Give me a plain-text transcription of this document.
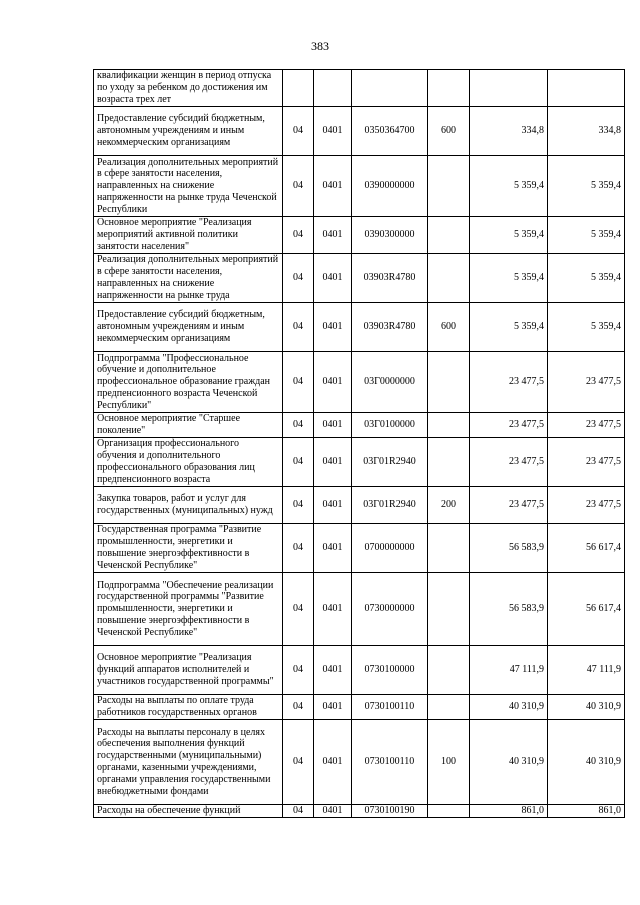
383
квалификации женщин в период отпуска по уходу за ребенком до достижения им возраста трех лет						
Предоставление субсидий бюджетным, автономным учреждениям и иным некоммерческим организациям	04	0401	0350364700	600	334,8	334,8
Реализация дополнительных мероприятий в сфере занятости населения, направленных на снижение напряженности на рынке труда Чеченской Республики	04	0401	0390000000		5 359,4	5 359,4
Основное мероприятие "Реализация мероприятий активной политики занятости населения"	04	0401	0390300000		5 359,4	5 359,4
Реализация дополнительных мероприятий в сфере занятости населения, направленных на снижение напряженности на рынке труда	04	0401	03903R4780		5 359,4	5 359,4
Предоставление субсидий бюджетным, автономным учреждениям и иным некоммерческим организациям	04	0401	03903R4780	600	5 359,4	5 359,4
Подпрограмма "Профессиональное обучение и дополнительное профессиональное образование граждан предпенсионного возраста Чеченской Республики"	04	0401	03Г0000000		23 477,5	23 477,5
Основное мероприятие "Старшее поколение"	04	0401	03Г0100000		23 477,5	23 477,5
Организация профессионального обучения и дополнительного профессионального образования лиц предпенсионного возраста	04	0401	03Г01R2940		23 477,5	23 477,5
Закупка товаров, работ и услуг для государственных (муниципальных) нужд	04	0401	03Г01R2940	200	23 477,5	23 477,5
Государственная программа "Развитие промышленности, энергетики и повышение энергоэффективности в Чеченской Республике"	04	0401	0700000000		56 583,9	56 617,4
Подпрограмма "Обеспечение реализации государственной программы "Развитие промышленности, энергетики и повышение энергоэффективности в Чеченской Республике"	04	0401	0730000000		56 583,9	56 617,4
Основное мероприятие "Реализация функций аппаратов исполнителей и участников государственной программы"	04	0401	0730100000		47 111,9	47 111,9
Расходы на выплаты по оплате труда работников государственных органов	04	0401	0730100110		40 310,9	40 310,9
Расходы на выплаты персоналу в целях обеспечения выполнения функций государственными (муниципальными) органами, казенными учреждениями, органами управления государственными внебюджетными фондами	04	0401	0730100110	100	40 310,9	40 310,9
Расходы на обеспечение функций	04	0401	0730100190		861,0	861,0
